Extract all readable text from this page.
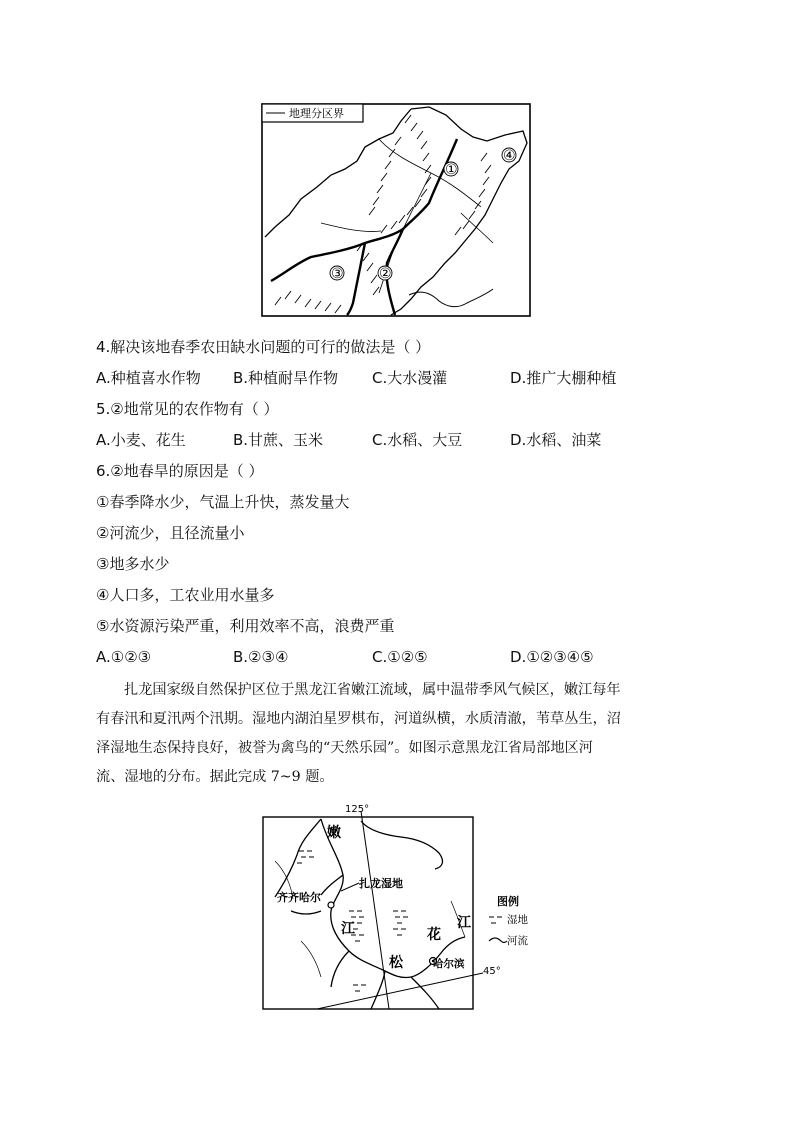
地理分区界
①
④
③	②
4.解决该地春季农田缺水问题的可行的做法是（ ）
A.种植喜水作物 B.种植耐旱作物 C.大水漫灌	D.推广大棚种植
5.②地常见的农作物有（ ）
A.小麦、花生	B.甘蔗、玉米	C.水稻、大豆	D.水稻、油菜
6.②地春旱的原因是（ ）
①春季降水少，气温上升快，蒸发量大
②河流少，且径流量小
③地多水少
④人口多，工农业用水量多
⑤水资源污染严重，利用效率不高，浪费严重
A.①②③	B.②③④	C.①②⑤	D.①②③④⑤

扎龙国家级自然保护区位于黑龙江省嫩江流域，属中温带季风气候区，嫩江每年

有春汛和夏汛两个汛期。湿地内湖泊星罗棋布，河道纵横，水质清澈，苇草丛生，沼

泽湿地生态保持良好，被誉为禽鸟的“天然乐园”。如图示意黑龙江省局部地区河

流、湿地的分布。据此完成 7~9 题。

125°
45°
嫩
齐齐哈尔
扎龙湿地
江	花
江
松	哈尔滨
图例
湿地
河流
